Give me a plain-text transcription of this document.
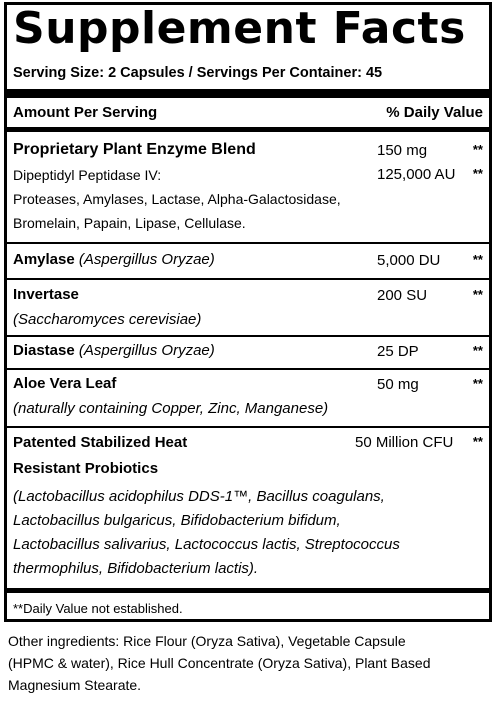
Supplement Facts
Serving Size: 2 Capsules / Servings Per Container: 45
Amount Per Serving	% Daily Value
Proprietary Plant Enzyme Blend	150 mg	**
Dipeptidyl Peptidase IV:	125,000 AU **
Proteases, Amylases, Lactase, Alpha-Galactosidase,
Bromelain, Papain, Lipase, Cellulase.
Amylase (Aspergillus Oryzae)	5,000 DU	**
Invertase	200 SU	**
(Saccharomyces cerevisiae)
Diastase (Aspergillus Oryzae)	25 DP	**
Aloe Vera Leaf	50 mg	**
(naturally containing Copper, Zinc, Manganese)
Patented Stabilized Heat	50 Million CFU **
Resistant Probiotics
(Lactobacillus acidophilus DDS-1™, Bacillus coagulans,
Lactobacillus bulgaricus, Bifidobacterium bifidum,
Lactobacillus salivarius, Lactococcus lactis, Streptococcus
thermophilus, Bifidobacterium lactis).
**Daily Value not established.
Other ingredients: Rice Flour (Oryza Sativa), Vegetable Capsule
(HPMC & water), Rice Hull Concentrate (Oryza Sativa), Plant Based
Magnesium Stearate.
